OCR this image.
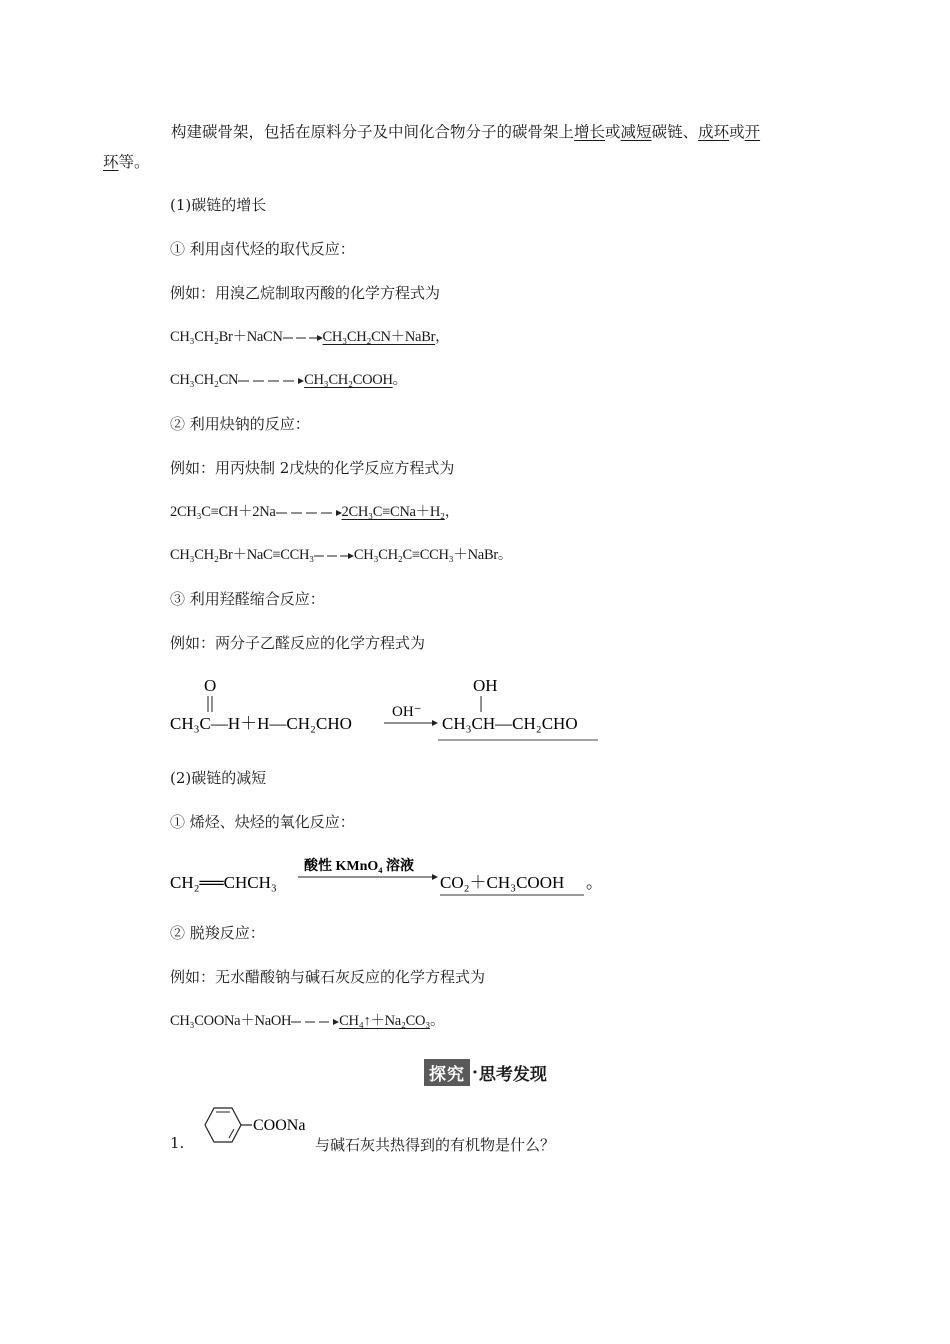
构建碳骨架，包括在原料分子及中间化合物分子的碳骨架上增长或减短碳链、成环或开
环等。
(1)碳链的增长
① 利用卤代烃的取代反应：
例如：用溴乙烷制取丙酸的化学方程式为
CH₃CH₂Br＋NaCN→CH₃CH₂CN＋NaBr，
CH₃CH₂CN	CH₃CH₂COOH。
② 利用炔钠的反应：
例如：用丙炔制 2戊炔的化学反应方程式为
2CH₃C≡CH＋2Na	2CH₃C≡CNa＋H₂，
CH₃CH₂Br＋NaC≡CCH₃→CH₃CH₂C≡CCH₃＋NaBr。
③ 利用羟醛缩合反应：
例如：两分子乙醛反应的化学方程式为
O
CH₃C—H＋H—CH₂CHO
OH⁻
OH
CH₃CH—CH₂CHO
(2)碳链的减短
① 烯烃、炔烃的氧化反应：
CH₂══CHCH₃
酸性 KMnO₄ 溶液
CO₂＋CH₃COOH 。
② 脱羧反应：
例如：无水醋酸钠与碱石灰反应的化学方程式为
CH₃COONa＋NaOH→CH₄↑＋Na₂CO₃。
探究 · 思考发现
1.
COONa
与碱石灰共热得到的有机物是什么？
